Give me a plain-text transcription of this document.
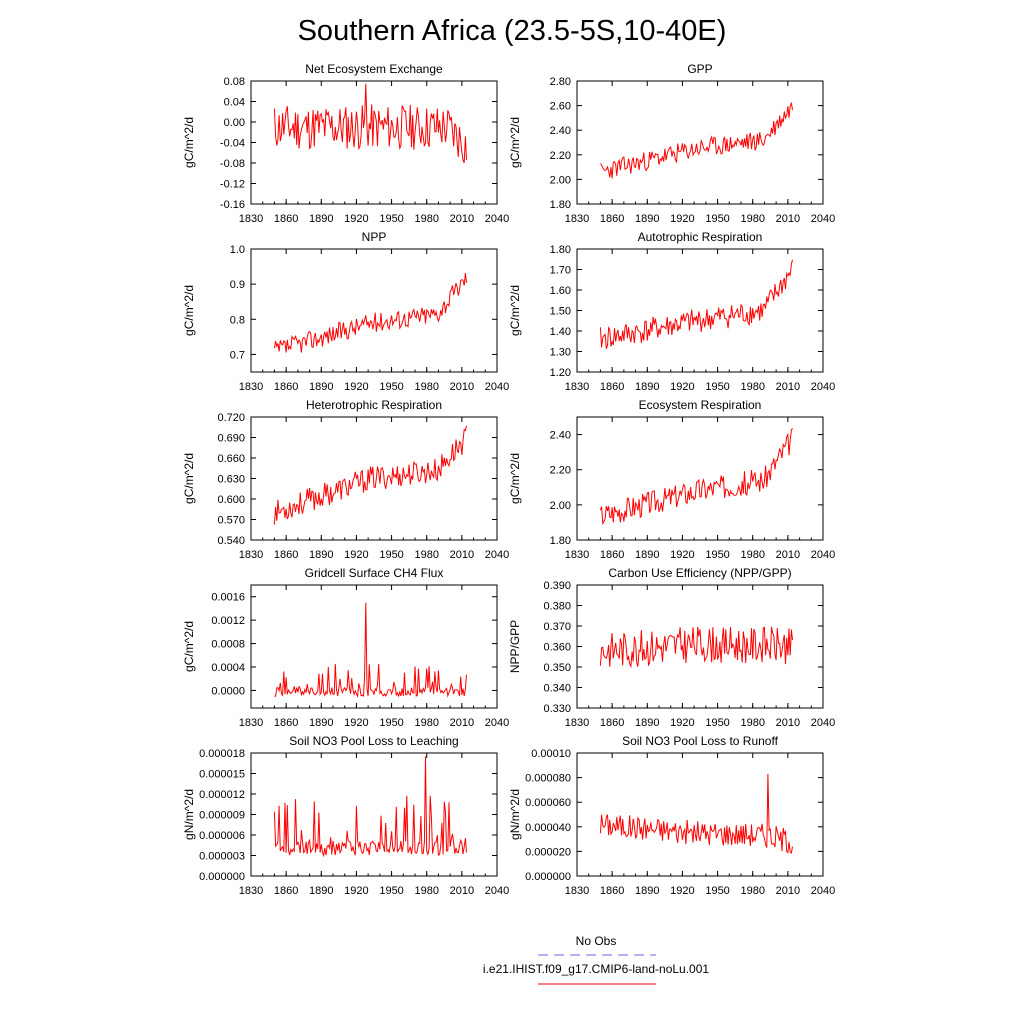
Southern Africa (23.5-5S,10-40E)
Net Ecosystem Exchange
1830 1860 1890 1920 1950 1980 2010 2040
-0.16
-0.12
-0.08
-0.04
0.00
0.04
0.08
gC/m^2/d
GPP
1830 1860 1890 1920 1950 1980 2010 2040
1.80
2.00
2.20
2.40
2.60
2.80
gC/m^2/d
NPP
1830 1860 1890 1920 1950 1980 2010 2040
0.7
0.8
0.9
1.0
gC/m^2/d
Autotrophic Respiration
1830 1860 1890 1920 1950 1980 2010 2040
1.20
1.30
1.40
1.50
1.60
1.70
1.80
gC/m^2/d
Heterotrophic Respiration
1830 1860 1890 1920 1950 1980 2010 2040
0.540
0.570
0.600
0.630
0.660
0.690
0.720
gC/m^2/d
Ecosystem Respiration
1830 1860 1890 1920 1950 1980 2010 2040
1.80
2.00
2.20
2.40
gC/m^2/d
Gridcell Surface CH4 Flux
1830 1860 1890 1920 1950 1980 2010 2040
0.0000
0.0004
0.0008
0.0012
0.0016
gC/m^2/d
Carbon Use Efficiency (NPP/GPP)
1830 1860 1890 1920 1950 1980 2010 2040
0.330
0.340
0.350
0.360
0.370
0.380
0.390
NPP/GPP
Soil NO3 Pool Loss to Leaching
1830 1860 1890 1920 1950 1980 2010 2040
0.000000
0.000003
0.000006
0.000009
0.000012
0.000015
0.000018
gN/m^2/d
Soil NO3 Pool Loss to Runoff
1830 1860 1890 1920 1950 1980 2010 2040
0.000000
0.000020
0.000040
0.000060
0.000080
0.00010
gN/m^2/d
No Obs
i.e21.IHIST.f09_g17.CMIP6-land-noLu.001
